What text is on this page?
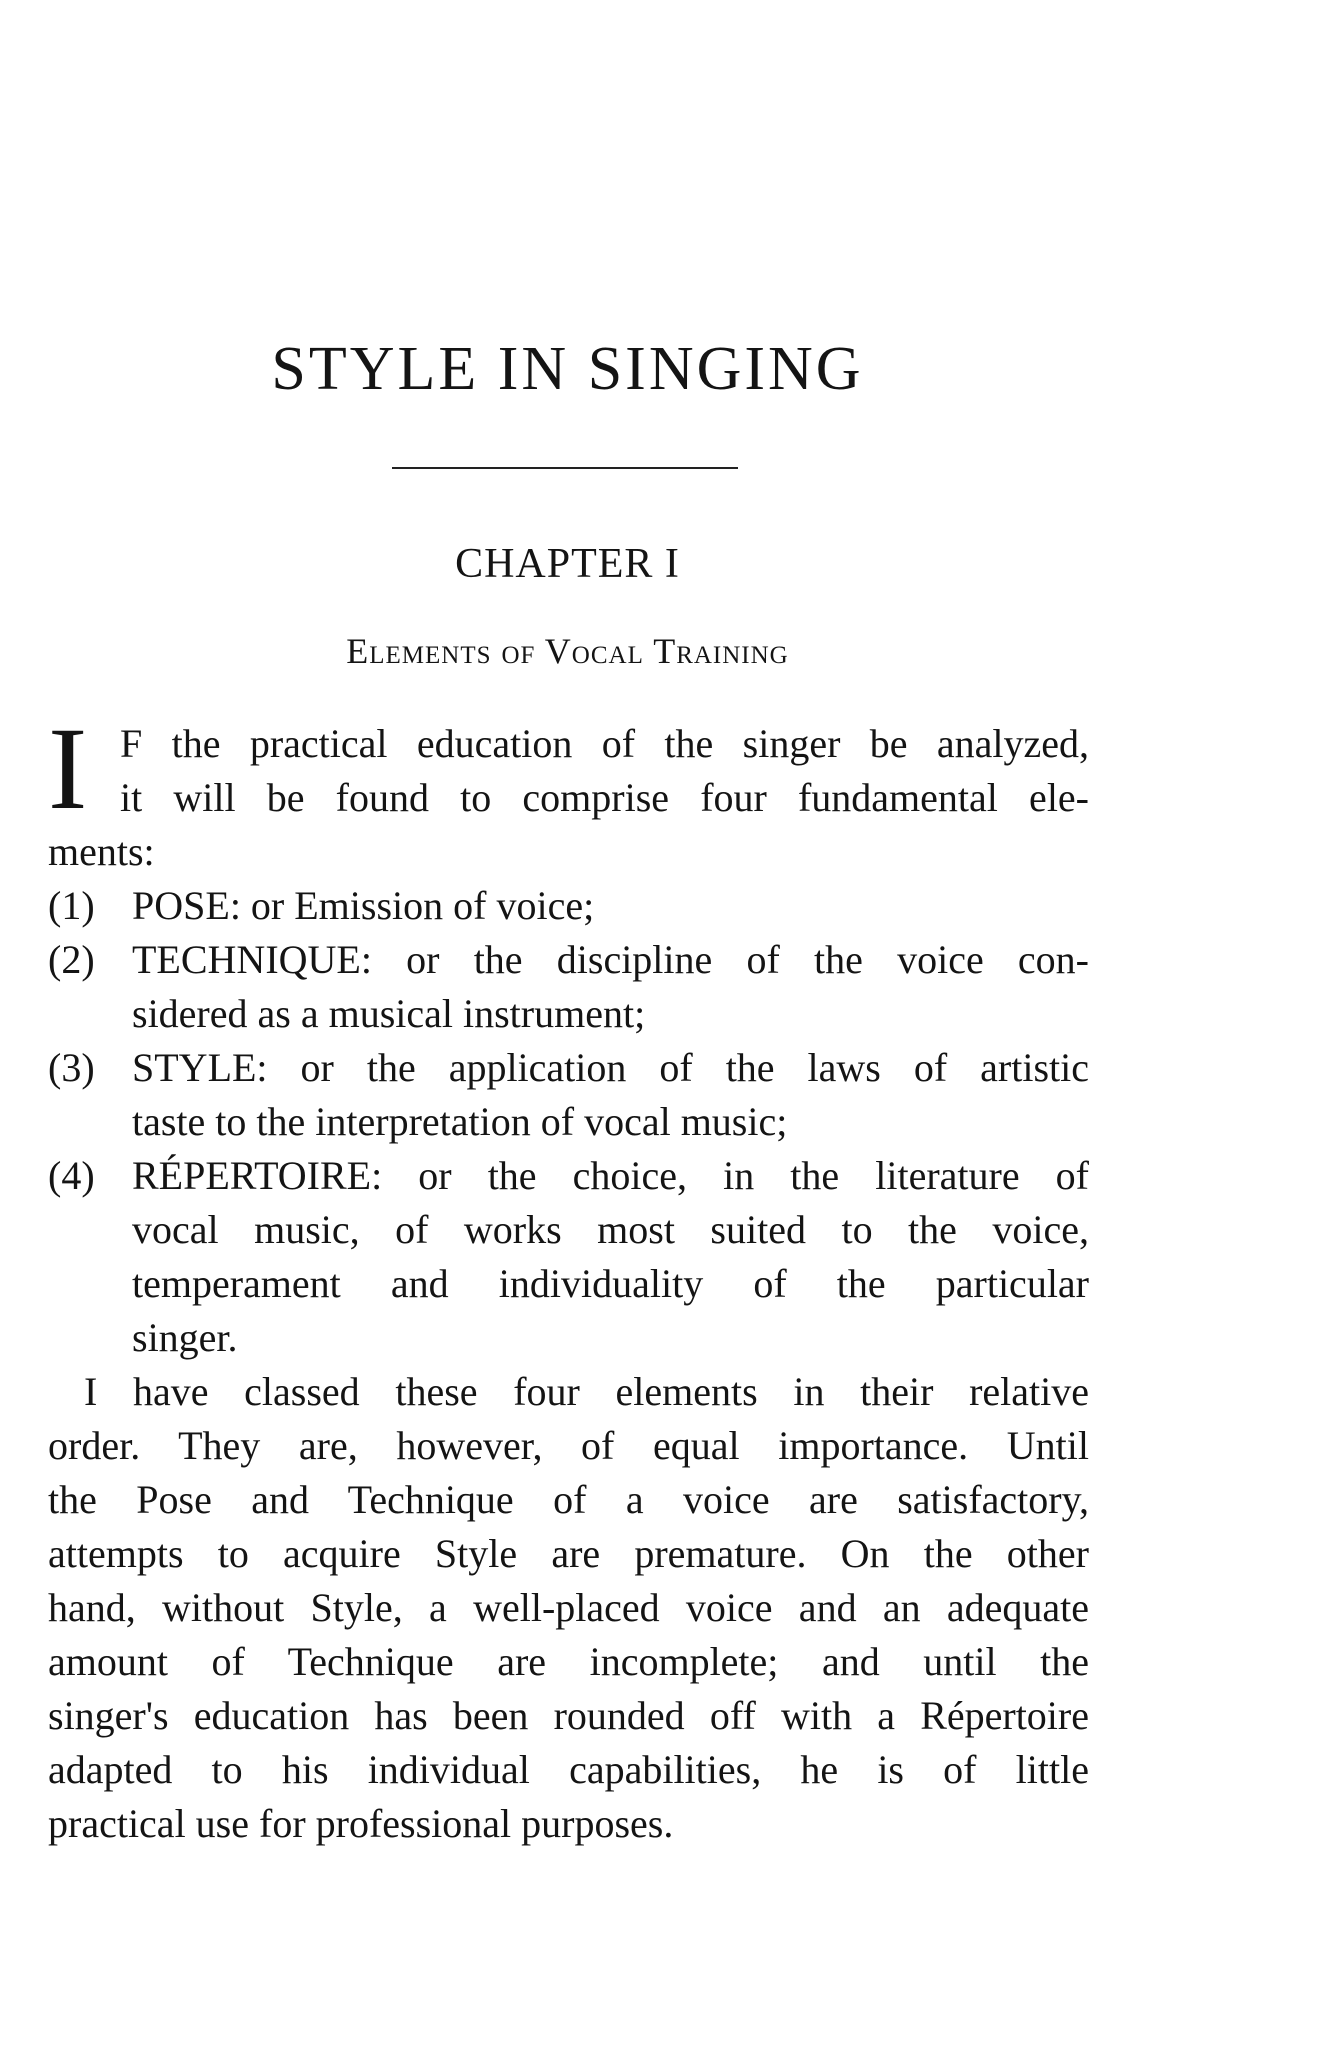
STYLE IN SINGING
CHAPTER I
Elements of Vocal Training
I F the practical education of the singer be analyzed,
it will be found to comprise four fundamental ele-
ments:
(1) POSE: or Emission of voice;
(2) TECHNIQUE: or the discipline of the voice con-
sidered as a musical instrument;
(3) STYLE: or the application of the laws of artistic
taste to the interpretation of vocal music;
(4) RÉPERTOIRE: or the choice, in the literature of
vocal music, of works most suited to the voice,
temperament and individuality of the particular
singer.
I have classed these four elements in their relative
order. They are, however, of equal importance. Until
the Pose and Technique of a voice are satisfactory,
attempts to acquire Style are premature. On the other
hand, without Style, a well-placed voice and an adequate
amount of Technique are incomplete; and until the
singer's education has been rounded off with a Répertoire
adapted to his individual capabilities, he is of little
practical use for professional purposes.
